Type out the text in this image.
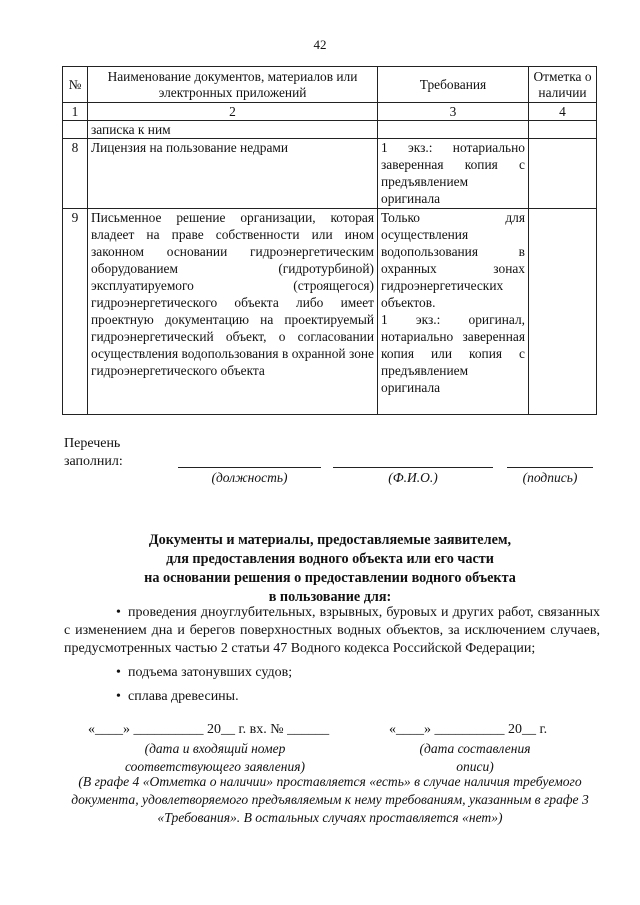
42
№	Наименование документов, материалов или электронных приложений	Требования	Отметка о наличии
1	2	3	4
	записка к ним		
8	Лицензия на пользование недрами	1 экз.: нотариально заверенная копия с предъявлением оригинала	
9	Письменное решение организации, которая владеет на праве собственности или ином законном основании гидроэнергетическим оборудованием (гидротурбиной) эксплуатируемого (строящегося) гидроэнергетического объекта либо имеет проектную документацию на проектируемый гидроэнергетический объект, о согласовании осуществления водопользования в охранной зоне гидроэнергетического объекта	Только для осуществления водопользования в охранных зонах гидроэнергетических объектов.
1 экз.: оригинал, нотариально заверенная копия или копия с предъявлением оригинала	

Перечень
заполнил:
(должность)	(Ф.И.О.)	(подпись)
Документы и материалы, предоставляемые заявителем,
для предоставления водного объекта или его части
на основании решения о предоставлении водного объекта
в пользование для:
• проведения дноуглубительных, взрывных, буровых и других работ, связанных с изменением дна и берегов поверхностных водных объектов, за исключением случаев, предусмотренных частью 2 статьи 47 Водного кодекса Российской Федерации;
• подъема затонувших судов;
• сплава древесины.
«____» __________ 20__ г. вх. № ______	«____» __________ 20__ г.
(дата и входящий номер
соответствующего заявления)
(дата составления
описи)
(В графе 4 «Отметка о наличии» проставляется «есть» в случае наличия требуемого документа, удовлетворяемого предъявляемым к нему требованиям, указанным в графе 3 «Требования». В остальных случаях проставляется «нет»)
